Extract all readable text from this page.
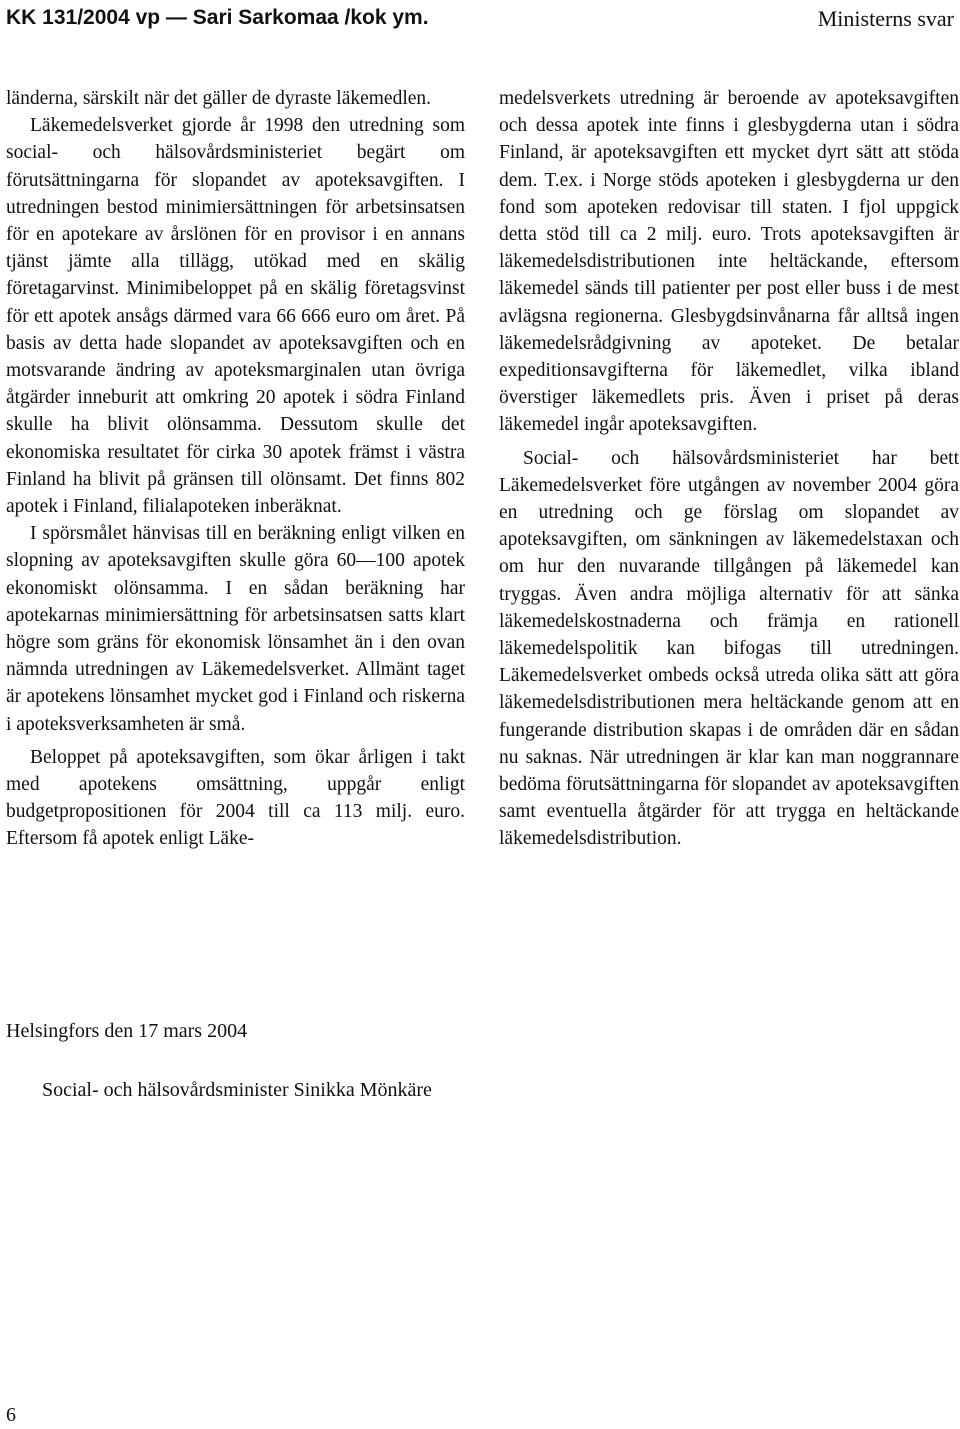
KK 131/2004 vp — Sari Sarkomaa /kok ym.	Ministerns svar

länderna, särskilt när det gäller de dyraste läkemedlen.

Läkemedelsverket gjorde år 1998 den utredning som social- och hälsovårdsministeriet begärt om förutsättningarna för slopandet av apoteksavgiften. I utredningen bestod minimiersättningen för arbetsinsatsen för en apotekare av årslönen för en provisor i en annans tjänst jämte alla tillägg, utökad med en skälig företagarvinst. Minimibeloppet på en skälig företagsvinst för ett apotek ansågs därmed vara 66 666 euro om året. På basis av detta hade slopandet av apoteksavgiften och en motsvarande ändring av apoteksmarginalen utan övriga åtgärder inneburit att omkring 20 apotek i södra Finland skulle ha blivit olönsamma. Dessutom skulle det ekonomiska resultatet för cirka 30 apotek främst i västra Finland ha blivit på gränsen till olönsamt. Det finns 802 apotek i Finland, filialapoteken inberäknat.

I spörsmålet hänvisas till en beräkning enligt vilken en slopning av apoteksavgiften skulle göra 60—100 apotek ekonomiskt olönsamma. I en sådan beräkning har apotekarnas minimiersättning för arbetsinsatsen satts klart högre som gräns för ekonomisk lönsamhet än i den ovan nämnda utredningen av Läkemedelsverket. Allmänt taget är apotekens lönsamhet mycket god i Finland och riskerna i apoteksverksamheten är små.

Beloppet på apoteksavgiften, som ökar årligen i takt med apotekens omsättning, uppgår enligt budgetpropositionen för 2004 till ca 113 milj. euro. Eftersom få apotek enligt Läke-

medelsverkets utredning är beroende av apoteksavgiften och dessa apotek inte finns i glesbygderna utan i södra Finland, är apoteksavgiften ett mycket dyrt sätt att stöda dem. T.ex. i Norge stöds apoteken i glesbygderna ur den fond som apoteken redovisar till staten. I fjol uppgick detta stöd till ca 2 milj. euro. Trots apoteksavgiften är läkemedelsdistributionen inte heltäckande, eftersom läkemedel sänds till patienter per post eller buss i de mest avlägsna regionerna. Glesbygdsinvånarna får alltså ingen läkemedelsrådgivning av apoteket. De betalar expeditionsavgifterna för läkemedlet, vilka ibland överstiger läkemedlets pris. Även i priset på deras läkemedel ingår apoteksavgiften.

Social- och hälsovårdsministeriet har bett Läkemedelsverket före utgången av november 2004 göra en utredning och ge förslag om slopandet av apoteksavgiften, om sänkningen av läkemedelstaxan och om hur den nuvarande tillgången på läkemedel kan tryggas. Även andra möjliga alternativ för att sänka läkemedelskostnaderna och främja en rationell läkemedelspolitik kan bifogas till utredningen. Läkemedelsverket ombeds också utreda olika sätt att göra läkemedelsdistributionen mera heltäckande genom att en fungerande distribution skapas i de områden där en sådan nu saknas. När utredningen är klar kan man noggrannare bedöma förutsättningarna för slopandet av apoteksavgiften samt eventuella åtgärder för att trygga en heltäckande läkemedelsdistribution.

Helsingfors den 17 mars 2004
Social- och hälsovårdsminister Sinikka Mönkäre
6
